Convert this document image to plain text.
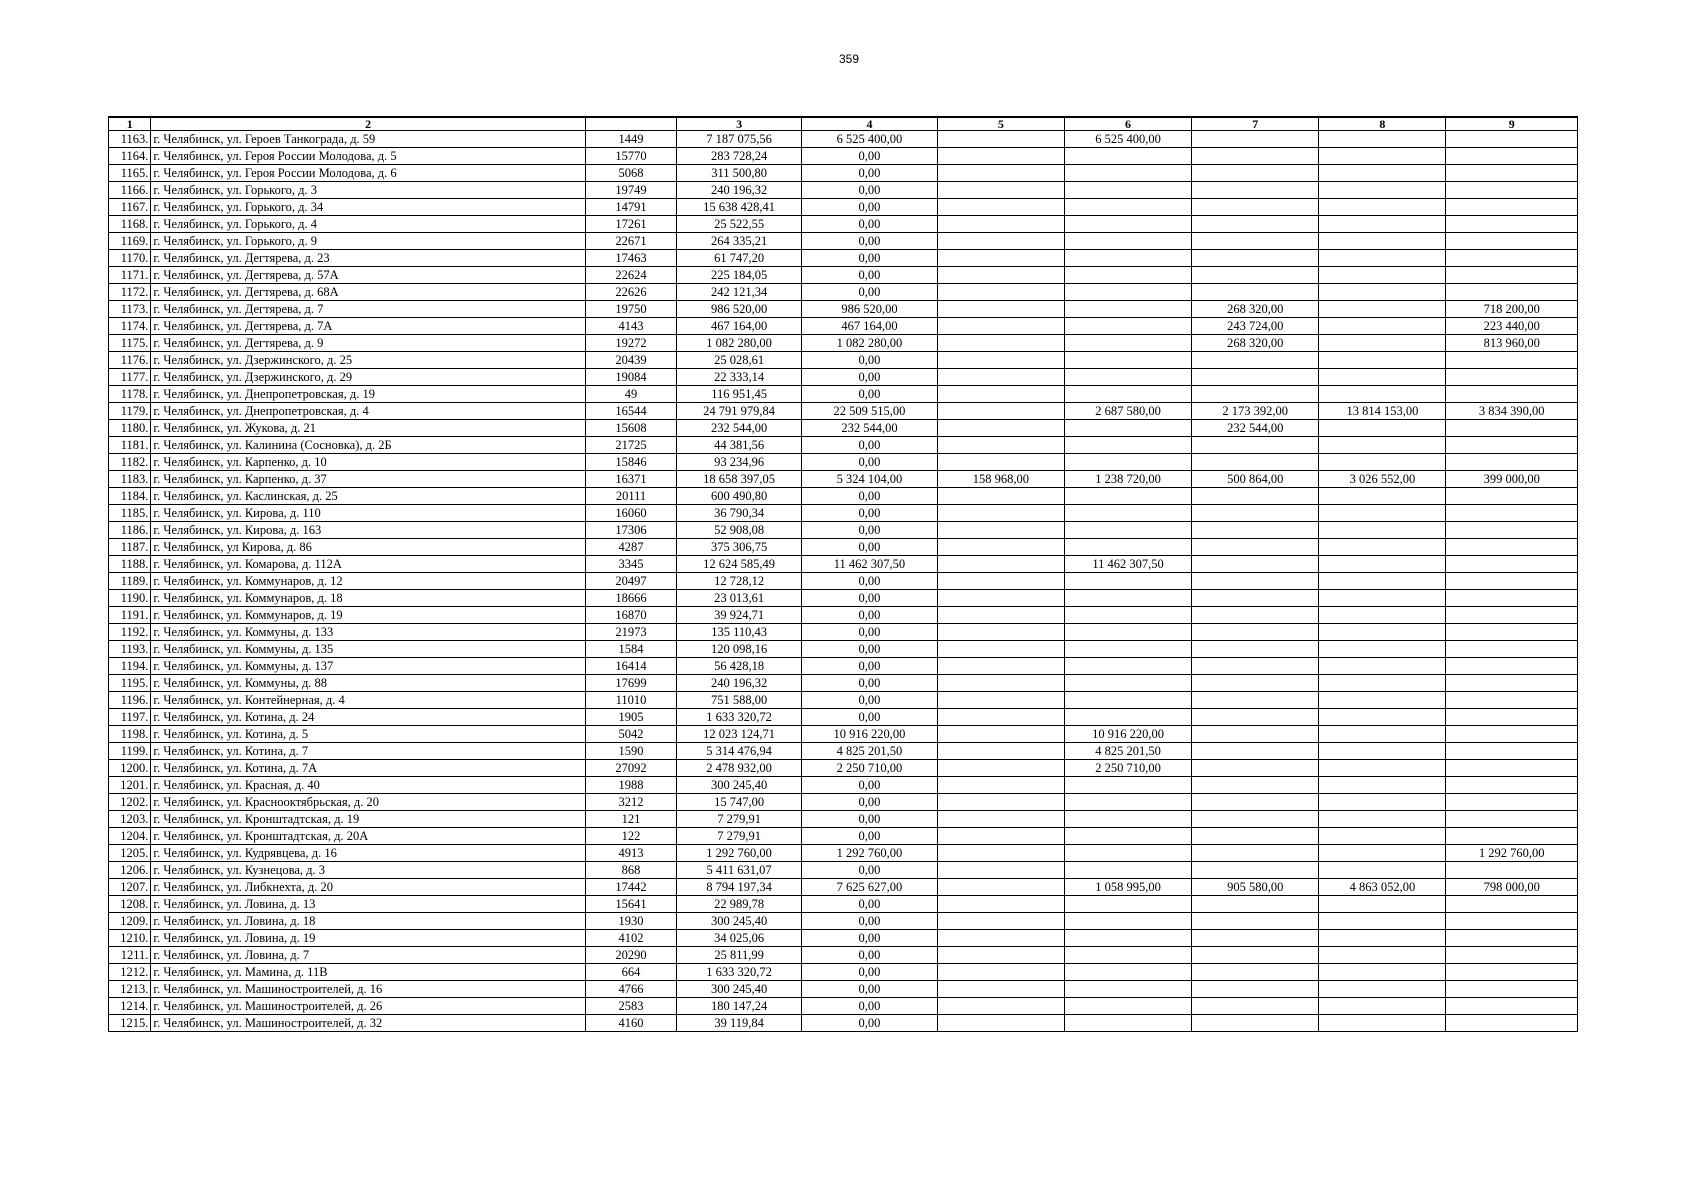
359
1	2		3	4	5	6	7	8	9
1163.	г. Челябинск, ул. Героев Танкограда, д. 59	1449	7 187 075,56	6 525 400,00		6 525 400,00			
1164.	г. Челябинск, ул. Героя России Молодова, д. 5	15770	283 728,24	0,00					
1165.	г. Челябинск, ул. Героя России Молодова, д. 6	5068	311 500,80	0,00					
1166.	г. Челябинск, ул. Горького, д. 3	19749	240 196,32	0,00					
1167.	г. Челябинск, ул. Горького, д. 34	14791	15 638 428,41	0,00					
1168.	г. Челябинск, ул. Горького, д. 4	17261	25 522,55	0,00					
1169.	г. Челябинск, ул. Горького, д. 9	22671	264 335,21	0,00					
1170.	г. Челябинск, ул. Дегтярева, д. 23	17463	61 747,20	0,00					
1171.	г. Челябинск, ул. Дегтярева, д. 57А	22624	225 184,05	0,00					
1172.	г. Челябинск, ул. Дегтярева, д. 68А	22626	242 121,34	0,00					
1173.	г. Челябинск, ул. Дегтярева, д. 7	19750	986 520,00	986 520,00			268 320,00		718 200,00
1174.	г. Челябинск, ул. Дегтярева, д. 7А	4143	467 164,00	467 164,00			243 724,00		223 440,00
1175.	г. Челябинск, ул. Дегтярева, д. 9	19272	1 082 280,00	1 082 280,00			268 320,00		813 960,00
1176.	г. Челябинск, ул. Дзержинского, д. 25	20439	25 028,61	0,00					
1177.	г. Челябинск, ул. Дзержинского, д. 29	19084	22 333,14	0,00					
1178.	г. Челябинск, ул. Днепропетровская, д. 19	49	116 951,45	0,00					
1179.	г. Челябинск, ул. Днепропетровская, д. 4	16544	24 791 979,84	22 509 515,00		2 687 580,00	2 173 392,00	13 814 153,00	3 834 390,00
1180.	г. Челябинск, ул. Жукова, д. 21	15608	232 544,00	232 544,00			232 544,00		
1181.	г. Челябинск, ул. Калинина (Сосновка), д. 2Б	21725	44 381,56	0,00					
1182.	г. Челябинск, ул. Карпенко, д. 10	15846	93 234,96	0,00					
1183.	г. Челябинск, ул. Карпенко, д. 37	16371	18 658 397,05	5 324 104,00	158 968,00	1 238 720,00	500 864,00	3 026 552,00	399 000,00
1184.	г. Челябинск, ул. Каслинская, д. 25	20111	600 490,80	0,00					
1185.	г. Челябинск, ул. Кирова, д. 110	16060	36 790,34	0,00					
1186.	г. Челябинск, ул. Кирова, д. 163	17306	52 908,08	0,00					
1187.	г. Челябинск, ул Кирова, д. 86	4287	375 306,75	0,00					
1188.	г. Челябинск, ул. Комарова, д. 112А	3345	12 624 585,49	11 462 307,50		11 462 307,50			
1189.	г. Челябинск, ул. Коммунаров, д. 12	20497	12 728,12	0,00					
1190.	г. Челябинск, ул. Коммунаров, д. 18	18666	23 013,61	0,00					
1191.	г. Челябинск, ул. Коммунаров, д. 19	16870	39 924,71	0,00					
1192.	г. Челябинск, ул. Коммуны, д. 133	21973	135 110,43	0,00					
1193.	г. Челябинск, ул. Коммуны, д. 135	1584	120 098,16	0,00					
1194.	г. Челябинск, ул. Коммуны, д. 137	16414	56 428,18	0,00					
1195.	г. Челябинск, ул. Коммуны, д. 88	17699	240 196,32	0,00					
1196.	г. Челябинск, ул. Контейнерная, д. 4	11010	751 588,00	0,00					
1197.	г. Челябинск, ул. Котина, д. 24	1905	1 633 320,72	0,00					
1198.	г. Челябинск, ул. Котина, д. 5	5042	12 023 124,71	10 916 220,00		10 916 220,00			
1199.	г. Челябинск, ул. Котина, д. 7	1590	5 314 476,94	4 825 201,50		4 825 201,50			
1200.	г. Челябинск, ул. Котина, д. 7А	27092	2 478 932,00	2 250 710,00		2 250 710,00			
1201.	г. Челябинск, ул. Красная, д. 40	1988	300 245,40	0,00					
1202.	г. Челябинск, ул. Краснооктябрьская, д. 20	3212	15 747,00	0,00					
1203.	г. Челябинск, ул. Кронштадтская, д. 19	121	7 279,91	0,00					
1204.	г. Челябинск, ул. Кронштадтская, д. 20А	122	7 279,91	0,00					
1205.	г. Челябинск, ул. Кудрявцева, д. 16	4913	1 292 760,00	1 292 760,00					1 292 760,00
1206.	г. Челябинск, ул. Кузнецова, д. 3	868	5 411 631,07	0,00					
1207.	г. Челябинск, ул. Либкнехта, д. 20	17442	8 794 197,34	7 625 627,00		1 058 995,00	905 580,00	4 863 052,00	798 000,00
1208.	г. Челябинск, ул. Ловина, д. 13	15641	22 989,78	0,00					
1209.	г. Челябинск, ул. Ловина, д. 18	1930	300 245,40	0,00					
1210.	г. Челябинск, ул. Ловина, д. 19	4102	34 025,06	0,00					
1211.	г. Челябинск, ул. Ловина, д. 7	20290	25 811,99	0,00					
1212.	г. Челябинск, ул. Мамина, д. 11В	664	1 633 320,72	0,00					
1213.	г. Челябинск, ул. Машиностроителей, д. 16	4766	300 245,40	0,00					
1214.	г. Челябинск, ул. Машиностроителей, д. 26	2583	180 147,24	0,00					
1215.	г. Челябинск, ул. Машиностроителей, д. 32	4160	39 119,84	0,00					
